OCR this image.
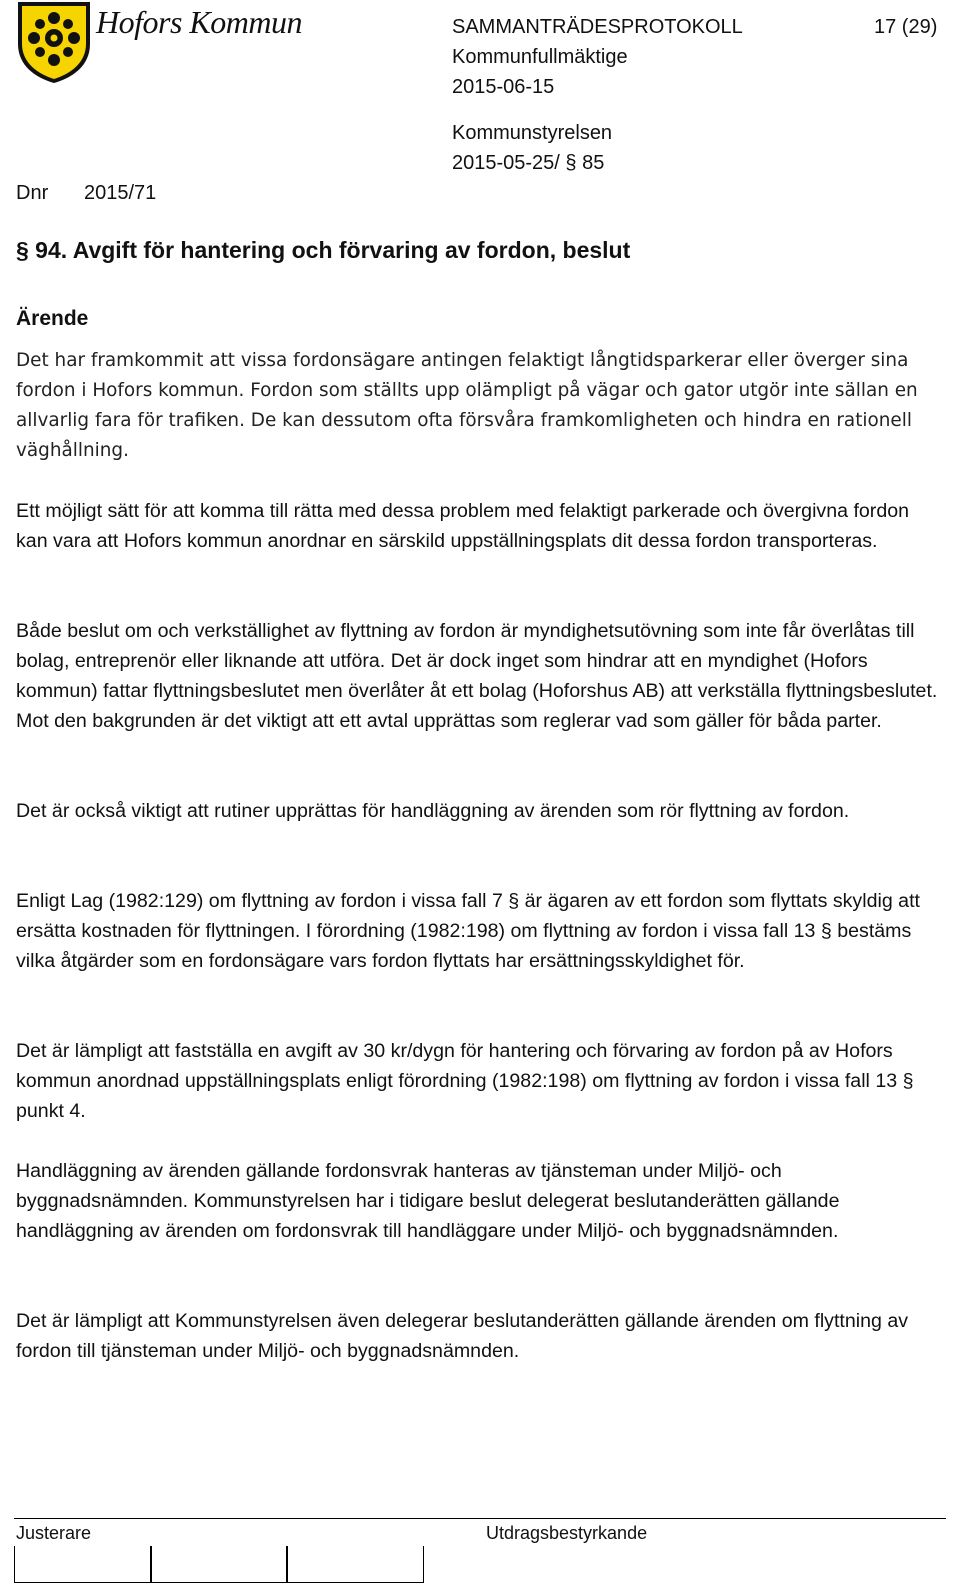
Hofors Kommun	SAMMANTRÄDESPROTOKOLL	17 (29)
Kommunfullmäktige
2015-06-15
Kommunstyrelsen
2015-05-25/ § 85
Dnr 2015/71
§ 94. Avgift för hantering och förvaring av fordon, beslut
Ärende
Det har framkommit att vissa fordonsägare antingen felaktigt långtidsparkerar eller överger sina fordon i Hofors kommun. Fordon som ställts upp olämpligt på vägar och gator utgör inte sällan en allvarlig fara för trafiken. De kan dessutom ofta försvåra framkomligheten och hindra en rationell väghållning.
Ett möjligt sätt för att komma till rätta med dessa problem med felaktigt parkerade och övergivna fordon kan vara att Hofors kommun anordnar en särskild uppställningsplats dit dessa fordon transporteras.
Både beslut om och verkställighet av flyttning av fordon är myndighetsutövning som inte får överlåtas till bolag, entreprenör eller liknande att utföra. Det är dock inget som hindrar att en myndighet (Hofors kommun) fattar flyttningsbeslutet men överlåter åt ett bolag (Hoforshus AB) att verkställa flyttningsbeslutet. Mot den bakgrunden är det viktigt att ett avtal upprättas som reglerar vad som gäller för båda parter.
Det är också viktigt att rutiner upprättas för handläggning av ärenden som rör flyttning av fordon.
Enligt Lag (1982:129) om flyttning av fordon i vissa fall 7 § är ägaren av ett fordon som flyttats skyldig att ersätta kostnaden för flyttningen. I förordning (1982:198) om flyttning av fordon i vissa fall 13 § bestäms vilka åtgärder som en fordonsägare vars fordon flyttats har ersättningsskyldighet för.
Det är lämpligt att fastställa en avgift av 30 kr/dygn för hantering och förvaring av fordon på av Hofors kommun anordnad uppställningsplats enligt förordning (1982:198) om flyttning av fordon i vissa fall 13 § punkt 4.
Handläggning av ärenden gällande fordonsvrak hanteras av tjänsteman under Miljö- och byggnadsnämnden. Kommunstyrelsen har i tidigare beslut delegerat beslutanderätten gällande handläggning av ärenden om fordonsvrak till handläggare under Miljö- och byggnadsnämnden.
Det är lämpligt att Kommunstyrelsen även delegerar beslutanderätten gällande ärenden om flyttning av fordon till tjänsteman under Miljö- och byggnadsnämnden.
Justerare	Utdragsbestyrkande
